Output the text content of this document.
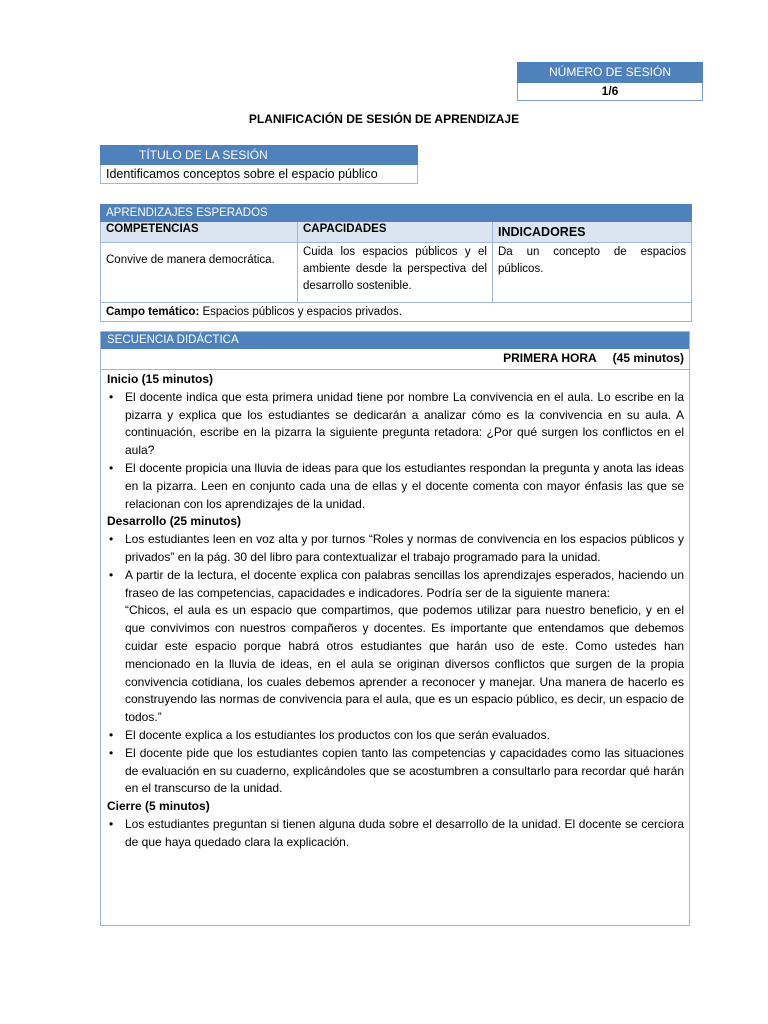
NÚMERO DE SESIÓN
1/6
PLANIFICACIÓN DE SESIÓN DE APRENDIZAJE
TÍTULO DE LA SESIÓN
Identificamos conceptos sobre el espacio público
APRENDIZAJES ESPERADOS		
COMPETENCIAS	CAPACIDADES	INDICADORES
Convive de manera democrática.	Cuida los espacios públicos y el ambiente desde la perspectiva del desarrollo sostenible.	Da un concepto de espacios públicos.
Campo temático: Espacios públicos y espacios privados.		
SECUENCIA DIDÁCTICA
PRIMERA HORA (45 minutos)
Inicio (15 minutos)
• El docente indica que esta primera unidad tiene por nombre La convivencia en el aula. Lo escribe en la pizarra y explica que los estudiantes se dedicarán a analizar cómo es la convivencia en su aula. A continuación, escribe en la pizarra la siguiente pregunta retadora: ¿Por qué surgen los conflictos en el aula?
• El docente propicia una lluvia de ideas para que los estudiantes respondan la pregunta y anota las ideas en la pizarra. Leen en conjunto cada una de ellas y el docente comenta con mayor énfasis las que se relacionan con los aprendizajes de la unidad.
Desarrollo (25 minutos)
• Los estudiantes leen en voz alta y por turnos “Roles y normas de convivencia en los espacios públicos y privados” en la pág. 30 del libro para contextualizar el trabajo programado para la unidad.
• A partir de la lectura, el docente explica con palabras sencillas los aprendizajes esperados, haciendo un fraseo de las competencias, capacidades e indicadores. Podría ser de la siguiente manera:
“Chicos, el aula es un espacio que compartimos, que podemos utilizar para nuestro beneficio, y en el que convivimos con nuestros compañeros y docentes. Es importante que entendamos que debemos cuidar este espacio porque habrá otros estudiantes que harán uso de este. Como ustedes han mencionado en la lluvia de ideas, en el aula se originan diversos conflictos que surgen de la propia convivencia cotidiana, los cuales debemos aprender a reconocer y manejar. Una manera de hacerlo es construyendo las normas de convivencia para el aula, que es un espacio público, es decir, un espacio de todos.”
• El docente explica a los estudiantes los productos con los que serán evaluados.
• El docente pide que los estudiantes copien tanto las competencias y capacidades como las situaciones de evaluación en su cuaderno, explicándoles que se acostumbren a consultarlo para recordar qué harán en el transcurso de la unidad.
Cierre (5 minutos)
• Los estudiantes preguntan si tienen alguna duda sobre el desarrollo de la unidad. El docente se cerciora de que haya quedado clara la explicación.
